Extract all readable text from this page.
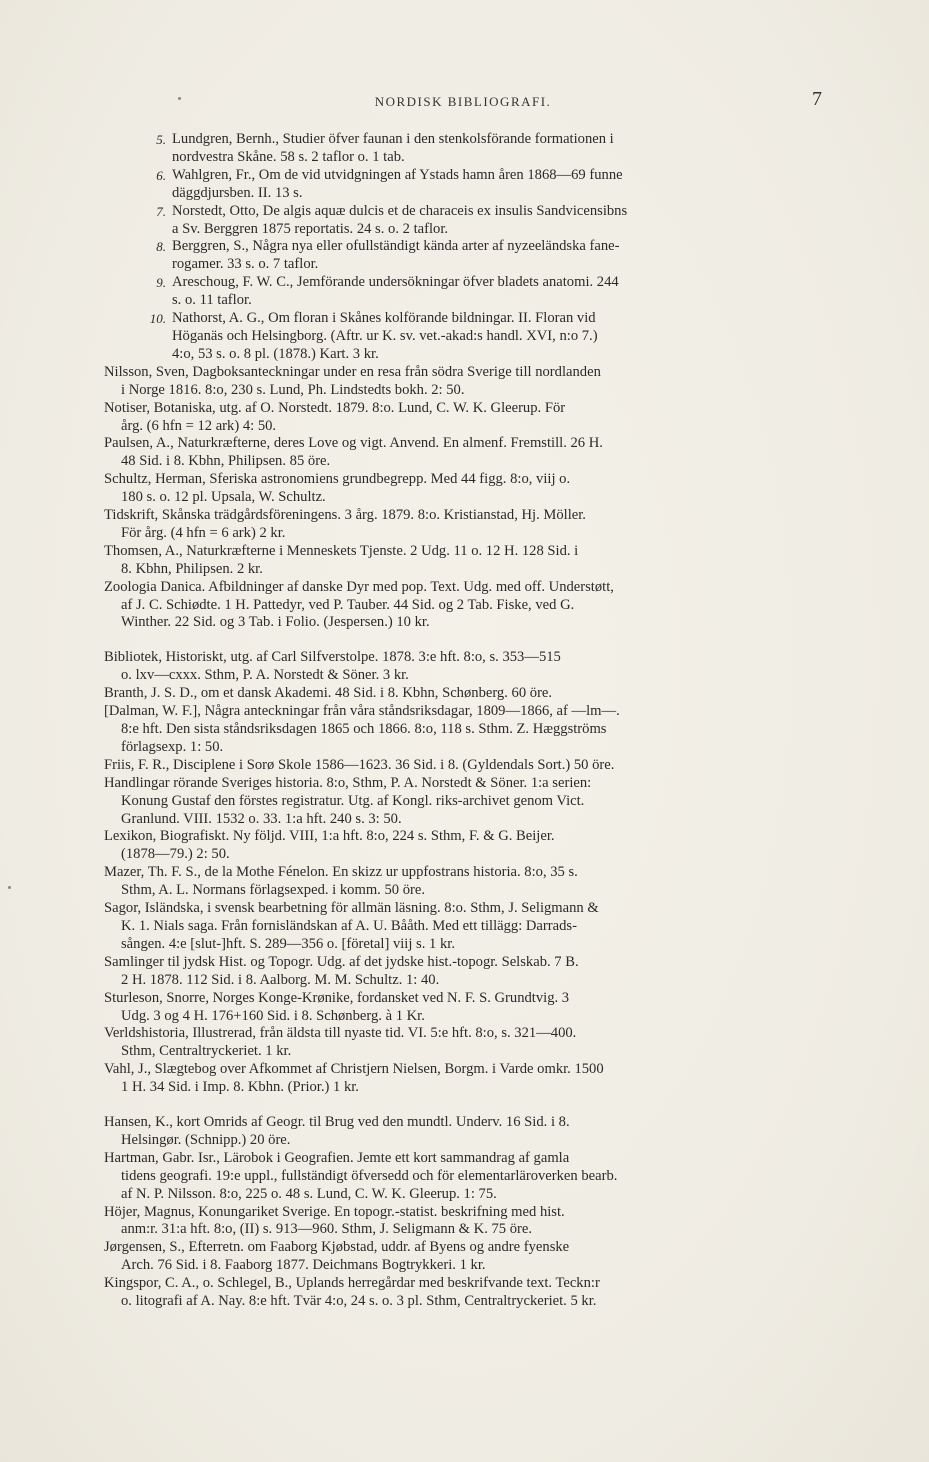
NORDISK BIBLIOGRAFI.	7
5. Lundgren, Bernh., Studier öfver faunan i den stenkolsförande formationen i
nordvestra Skåne. 58 s. 2 taflor o. 1 tab.
6. Wahlgren, Fr., Om de vid utvidgningen af Ystads hamn åren 1868—69 funne
däggdjursben. II. 13 s.
7. Norstedt, Otto, De algis aquæ dulcis et de characeis ex insulis Sandvicensibns
a Sv. Berggren 1875 reportatis. 24 s. o. 2 taflor.
8. Berggren, S., Några nya eller ofullständigt kända arter af nyzeeländska fane-
rogamer. 33 s. o. 7 taflor.
9. Areschoug, F. W. C., Jemförande undersökningar öfver bladets anatomi. 244
s. o. 11 taflor.
10. Nathorst, A. G., Om floran i Skånes kolförande bildningar. II. Floran vid
Höganäs och Helsingborg. (Aftr. ur K. sv. vet.-akad:s handl. XVI, n:o 7.)
4:o, 53 s. o. 8 pl. (1878.) Kart. 3 kr.
Nilsson, Sven, Dagboksanteckningar under en resa från södra Sverige till nordlanden
i Norge 1816. 8:o, 230 s. Lund, Ph. Lindstedts bokh. 2: 50.
Notiser, Botaniska, utg. af O. Norstedt. 1879. 8:o. Lund, C. W. K. Gleerup. För
årg. (6 hfn = 12 ark) 4: 50.
Paulsen, A., Naturkræfterne, deres Love og vigt. Anvend. En almenf. Fremstill. 26 H.
48 Sid. i 8. Kbhn, Philipsen. 85 öre.
Schultz, Herman, Sferiska astronomiens grundbegrepp. Med 44 figg. 8:o, viij o.
180 s. o. 12 pl. Upsala, W. Schultz.
Tidskrift, Skånska trädgårdsföreningens. 3 årg. 1879. 8:o. Kristianstad, Hj. Möller.
För årg. (4 hfn = 6 ark) 2 kr.
Thomsen, A., Naturkræfterne i Menneskets Tjenste. 2 Udg. 11 o. 12 H. 128 Sid. i
8. Kbhn, Philipsen. 2 kr.
Zoologia Danica. Afbildninger af danske Dyr med pop. Text. Udg. med off. Understøtt,
af J. C. Schiødte. 1 H. Pattedyr, ved P. Tauber. 44 Sid. og 2 Tab. Fiske, ved G.
Winther. 22 Sid. og 3 Tab. i Folio. (Jespersen.) 10 kr.
Bibliotek, Historiskt, utg. af Carl Silfverstolpe. 1878. 3:e hft. 8:o, s. 353—515
o. lxv—cxxx. Sthm, P. A. Norstedt & Söner. 3 kr.
Branth, J. S. D., om et dansk Akademi. 48 Sid. i 8. Kbhn, Schønberg. 60 öre.
[Dalman, W. F.], Några anteckningar från våra ståndsriksdagar, 1809—1866, af —lm—.
8:e hft. Den sista ståndsriksdagen 1865 och 1866. 8:o, 118 s. Sthm. Z. Hæggströms
förlagsexp. 1: 50.
Friis, F. R., Disciplene i Sorø Skole 1586—1623. 36 Sid. i 8. (Gyldendals Sort.) 50 öre.
Handlingar rörande Sveriges historia. 8:o, Sthm, P. A. Norstedt & Söner. 1:a serien:
Konung Gustaf den förstes registratur. Utg. af Kongl. riks-archivet genom Vict.
Granlund. VIII. 1532 o. 33. 1:a hft. 240 s. 3: 50.
Lexikon, Biografiskt. Ny följd. VIII, 1:a hft. 8:o, 224 s. Sthm, F. & G. Beijer.
(1878—79.) 2: 50.
Mazer, Th. F. S., de la Mothe Fénelon. En skizz ur uppfostrans historia. 8:o, 35 s.
Sthm, A. L. Normans förlagsexped. i komm. 50 öre.
Sagor, Isländska, i svensk bearbetning för allmän läsning. 8:o. Sthm, J. Seligmann &
K. 1. Nials saga. Från fornisländskan af A. U. Bååth. Med ett tillägg: Darrads-
sången. 4:e [slut-]hft. S. 289—356 o. [företal] viij s. 1 kr.
Samlinger til jydsk Hist. og Topogr. Udg. af det jydske hist.-topogr. Selskab. 7 B.
2 H. 1878. 112 Sid. i 8. Aalborg. M. M. Schultz. 1: 40.
Sturleson, Snorre, Norges Konge-Krønike, fordansket ved N. F. S. Grundtvig. 3
Udg. 3 og 4 H. 176+160 Sid. i 8. Schønberg. à 1 Kr.
Verldshistoria, Illustrerad, från äldsta till nyaste tid. VI. 5:e hft. 8:o, s. 321—400.
Sthm, Centraltryckeriet. 1 kr.
Vahl, J., Slægtebog over Afkommet af Christjern Nielsen, Borgm. i Varde omkr. 1500
1 H. 34 Sid. i Imp. 8. Kbhn. (Prior.) 1 kr.
Hansen, K., kort Omrids af Geogr. til Brug ved den mundtl. Underv. 16 Sid. i 8.
Helsingør. (Schnipp.) 20 öre.
Hartman, Gabr. Isr., Lärobok i Geografien. Jemte ett kort sammandrag af gamla
tidens geografi. 19:e uppl., fullständigt öfversedd och för elementarläroverken bearb.
af N. P. Nilsson. 8:o, 225 o. 48 s. Lund, C. W. K. Gleerup. 1: 75.
Höjer, Magnus, Konungariket Sverige. En topogr.-statist. beskrifning med hist.
anm:r. 31:a hft. 8:o, (II) s. 913—960. Sthm, J. Seligmann & K. 75 öre.
Jørgensen, S., Efterretn. om Faaborg Kjøbstad, uddr. af Byens og andre fyenske
Arch. 76 Sid. i 8. Faaborg 1877. Deichmans Bogtrykkeri. 1 kr.
Kingspor, C. A., o. Schlegel, B., Uplands herregårdar med beskrifvande text. Teckn:r
o. litografi af A. Nay. 8:e hft. Tvär 4:o, 24 s. o. 3 pl. Sthm, Centraltryckeriet. 5 kr.
